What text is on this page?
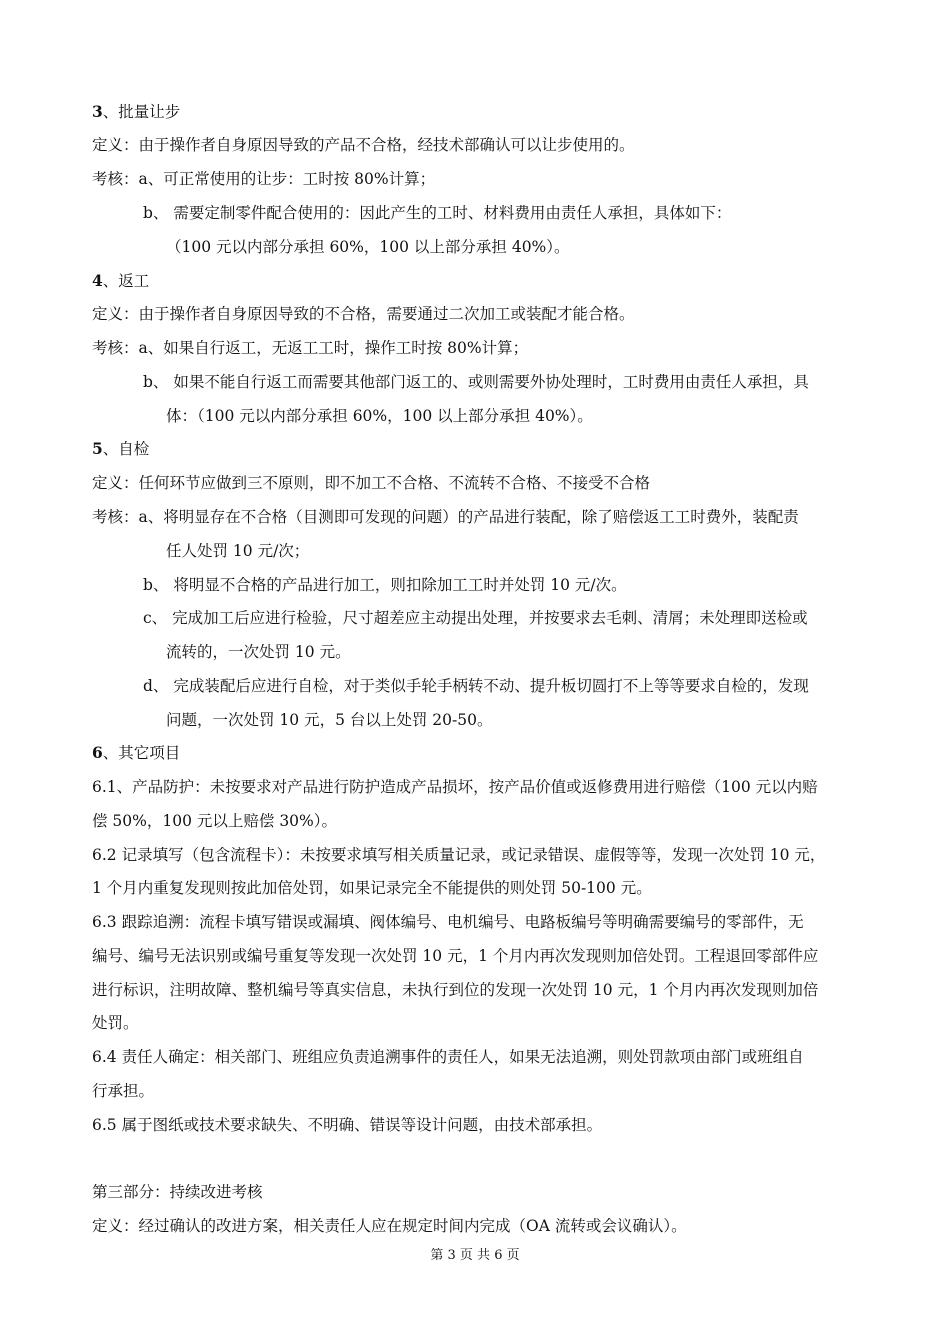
3、批量让步
定义：由于操作者自身原因导致的产品不合格，经技术部确认可以让步使用的。
考核：a、可正常使用的让步：工时按 80%计算；
b、 需要定制零件配合使用的：因此产生的工时、材料费用由责任人承担，具体如下：
（100 元以内部分承担 60%，100 以上部分承担 40%）。
4、返工
定义：由于操作者自身原因导致的不合格，需要通过二次加工或装配才能合格。
考核：a、如果自行返工，无返工工时，操作工时按 80%计算；
b、 如果不能自行返工而需要其他部门返工的、或则需要外协处理时，工时费用由责任人承担，具
体：（100 元以内部分承担 60%，100 以上部分承担 40%）。
5、自检
定义：任何环节应做到三不原则，即不加工不合格、不流转不合格、不接受不合格
考核：a、将明显存在不合格（目测即可发现的问题）的产品进行装配，除了赔偿返工工时费外，装配责
任人处罚 10 元/次；
b、 将明显不合格的产品进行加工，则扣除加工工时并处罚 10 元/次。
c、 完成加工后应进行检验，尺寸超差应主动提出处理，并按要求去毛刺、清屑；未处理即送检或
流转的，一次处罚 10 元。
d、 完成装配后应进行自检，对于类似手轮手柄转不动、提升板切圆打不上等等要求自检的，发现
问题，一次处罚 10 元，5 台以上处罚 20-50。
6、其它项目
6.1、产品防护：未按要求对产品进行防护造成产品损坏，按产品价值或返修费用进行赔偿（100 元以内赔
偿 50%，100 元以上赔偿 30%）。
6.2 记录填写（包含流程卡）：未按要求填写相关质量记录，或记录错误、虚假等等，发现一次处罚 10 元，
1 个月内重复发现则按此加倍处罚，如果记录完全不能提供的则处罚 50-100 元。
6.3 跟踪追溯：流程卡填写错误或漏填、阀体编号、电机编号、电路板编号等明确需要编号的零部件，无
编号、编号无法识别或编号重复等发现一次处罚 10 元，1 个月内再次发现则加倍处罚。工程退回零部件应
进行标识，注明故障、整机编号等真实信息，未执行到位的发现一次处罚 10 元，1 个月内再次发现则加倍
处罚。
6.4 责任人确定：相关部门、班组应负责追溯事件的责任人，如果无法追溯，则处罚款项由部门或班组自
行承担。
6.5 属于图纸或技术要求缺失、不明确、错误等设计问题，由技术部承担。
第三部分：持续改进考核
定义：经过确认的改进方案，相关责任人应在规定时间内完成（OA 流转或会议确认）。
第 3 页 共 6 页
